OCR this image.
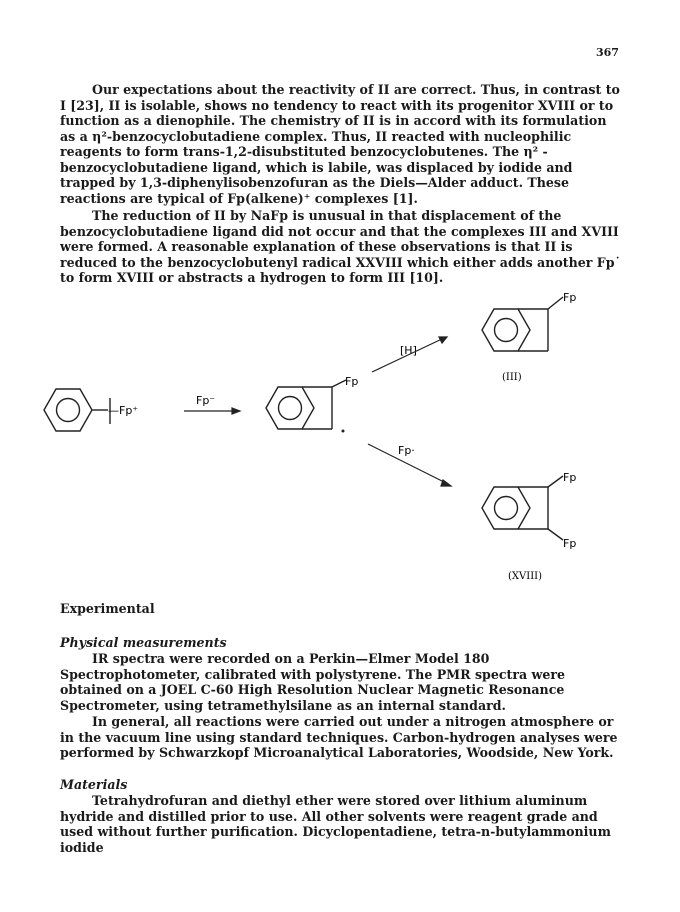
367

Our expectations about the reactivity of II are correct. Thus, in contrast to I [23], II is isolable, shows no tendency to react with its progenitor XVIII or to function as a dienophile. The chemistry of II is in accord with its formulation as a η²-benzocyclobutadiene complex. Thus, II reacted with nucleophilic reagents to form trans-1,2-disubstituted benzocyclobutenes. The η² -benzocyclobutadiene ligand, which is labile, was displaced by iodide and trapped by 1,3-diphenylisobenzofuran as the Diels—Alder adduct. These reactions are typical of Fp(alkene)⁺ complexes [1].

The reduction of II by NaFp is unusual in that displacement of the benzocyclobutadiene ligand did not occur and that the complexes III and XVIII were formed. A reasonable explanation of these observations is that II is reduced to the benzocyclobutenyl radical XXVIII which either adds another Fp˙ to form XVIII or abstracts a hydrogen to form III [10].

—Fp⁺
Fp⁻
Fp
[H]
Fp·
Fp
(III)
Fp
Fp
(XVIII)
Experimental
Physical measurements

IR spectra were recorded on a Perkin—Elmer Model 180 Spectrophotometer, calibrated with polystyrene. The PMR spectra were obtained on a JOEL C-60 High Resolution Nuclear Magnetic Resonance Spectrometer, using tetramethylsilane as an internal standard.

In general, all reactions were carried out under a nitrogen atmosphere or in the vacuum line using standard techniques. Carbon-hydrogen analyses were performed by Schwarzkopf Microanalytical Laboratories, Woodside, New York.

Materials

Tetrahydrofuran and diethyl ether were stored over lithium aluminum hydride and distilled prior to use. All other solvents were reagent grade and used without further purification. Dicyclopentadiene, tetra-n-butylammonium iodide
